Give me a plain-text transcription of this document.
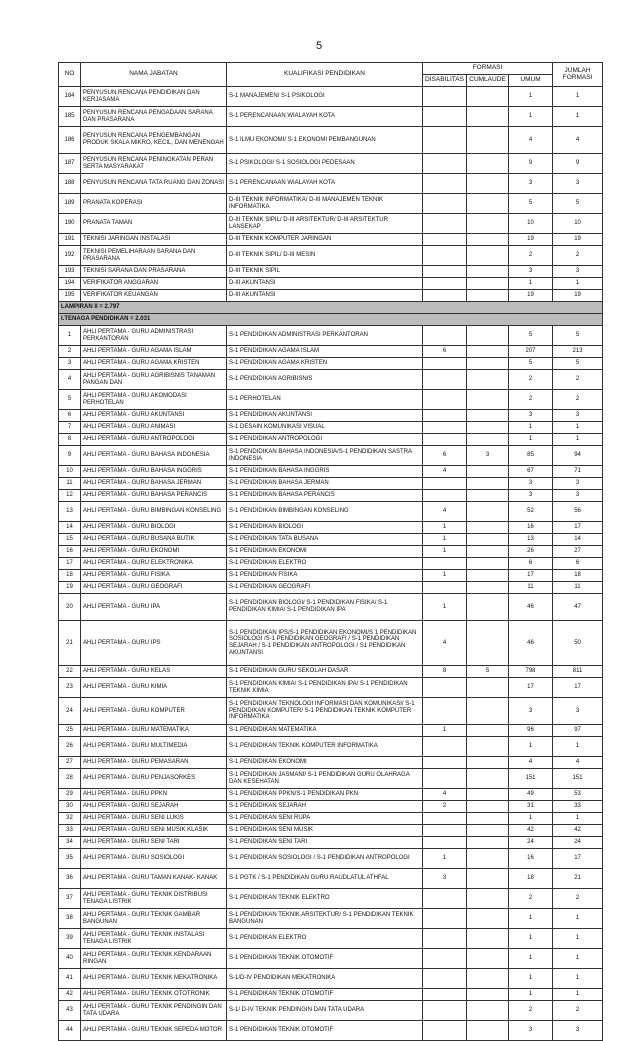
5
NO	NAMA JABATAN	KUALIFIKASI PENDIDIKAN	FORMASI			JUMLAH FORMASI
			DISABILITAS	CUMLAUDE	UMUM	
184	PENYUSUN RENCANA PENDIDIKAN DAN KERJASAMA	S-1 MANAJEMEN/ S-1 PSIKOLOGI			1	1
185	PENYUSUN RENCANA PENGADAAN SARANA DAN PRASARANA	S-1 PERENCANAAN WIALAYAH KOTA			1	1
186	PENYUSUN RENCANA PENGEMBANGAN PRODUK SKALA MIKRO, KECIL, DAN MENENGAH	S-1 ILMU EKONOMI/ S-1 EKONOMI PEMBANGUNAN			4	4
187	PENYUSUN RENCANA PENINGKATAN PERAN SERTA MASYARAKAT	S-1 PSIKOLOGI/ S-1 SOSIOLOGI PEDESAAN			9	9
188	PENYUSUN RENCANA TATA RUANG DAN ZONASI	S-1 PERENCANAAN WIALAYAH KOTA			3	3
189	PRANATA KOPERASI	D-III TEKNIK INFORMATIKA/ D-III MANAJEMEN TEKNIK INFORMATIKA			5	5
190	PRANATA TAMAN	D-III TEKNIK SIPIL/ D-III ARSITEKTUR/ D-III ARSITEKTUR LANSEKAP			10	10
191	TEKNISI JARINGAN INSTALASI	D-III TEKNIK KOMPUTER JARINGAN			19	19
192	TEKNISI PEMELIHARAAN SARANA DAN PRASARANA	D-III TEKNIK SIPIL/ D-III MESIN			2	2
193	TEKNISI SARANA DAN PRASARANA	D-III TEKNIK SIPIL			3	3
194	VERIFIKATOR ANGGARAN	D-III AKUNTANSI			1	1
195	VERIFIKATOR KEUANGAN	D-III AKUNTANSI			19	19
LAMPIRAN II = 2.797						
I.TENAGA PENDIDIKAN = 2.031						
1	AHLI PERTAMA - GURU ADMINISTRASI PERKANTORAN	S-1 PENDIDIKAN ADMINISTRASI PERKANTORAN			5	5
2	AHLI PERTAMA - GURU AGAMA ISLAM	S-1 PENDIDIKAN AGAMA ISLAM	6		207	213
3	AHLI PERTAMA - GURU AGAMA KRISTEN	S-1 PENDIDIKAN AGAMA KRISTEN			5	5
4	AHLI PERTAMA - GURU AGRIBISNIS TANAMAN PANGAN DAN	S-1 PENDIDIKAN AGRIBISNIS			2	2
5	AHLI PERTAMA - GURU AKOMODASI PERHOTELAN	S-1 PERHOTELAN			2	2
6	AHLI PERTAMA - GURU AKUNTANSI	S-1 PENDIDIKAN AKUNTANSI			3	3
7	AHLI PERTAMA - GURU ANIMASI	S-1 DESAIN KOMUNIKASI VISUAL			1	1
8	AHLI PERTAMA - GURU ANTROPOLOGI	S-1 PENDIDIKAN ANTROPOLOGI			1	1
9	AHLI PERTAMA - GURU BAHASA INDONESIA	S-1 PENDIDIKAN BAHASA INDONESIA/S-1 PENDIDIKAN SASTRA INDONESIA	6	3	85	94
10	AHLI PERTAMA - GURU BAHASA INGGRIS	S-1 PENDIDIKAN BAHASA INGGRIS	4		67	71
11	AHLI PERTAMA - GURU BAHASA JERMAN	S-1 PENDIDIKAN BAHASA JERMAN			3	3
12	AHLI PERTAMA - GURU BAHASA PERANCIS	S-1 PENDIDIKAN BAHASA PERANCIS			3	3
13	AHLI PERTAMA - GURU BIMBINGAN KONSELING	S-1 PENDIDIKAN BIMBINGAN KONSELING	4		52	56
14	AHLI PERTAMA - GURU BIOLOGI	S-1 PENDIDIKAN BIOLOGI	1		16	17
15	AHLI PERTAMA - GURU BUSANA BUTIK	S-1 PENDIDIKAN TATA BUSANA	1		13	14
16	AHLI PERTAMA - GURU EKONOMI	S-1 PENDIDIKAN EKONOMI	1		26	27
17	AHLI PERTAMA - GURU ELEKTRONIKA	S-1 PENDIDIKAN ELEKTRO			6	6
18	AHLI PERTAMA - GURU FISIKA	S-1 PENDIDIKAN FISIKA	1		17	18
19	AHLI PERTAMA - GURU GEOGRAFI	S-1 PENDIDIKAN GEOGRAFI			11	11
20	AHLI PERTAMA - GURU IPA	S-1 PENDIDIKAN BIOLOGI/ S-1 PENDIDIKAN FISIKA/ S-1 PENDIDIKAN KIMIA/ S-1 PENDIDIKAN IPA	1		46	47
21	AHLI PERTAMA - GURU IPS	S-1 PENDIDIKAN IPS/S-1 PENDIDIKAN EKONOMI/S 1 PENDIDIKAN SOSIOLOGI /S-1 PENDIDIKAN GEOGRAFI / S-1 PENDIDIKAN SEJARAH / S-1 PENDIDIKAN ANTROPOLOGI / S1 PENDIDIKAN AKUNTANSI	4		46	50
22	AHLI PERTAMA - GURU KELAS	S-1 PENDIDIKAN GURU SEKOLAH DASAR	8	5	798	811
23	AHLI PERTAMA - GURU KIMIA	S-1 PENDIDIKAN KIMIA/ S-1 PENDIDIKAN IPA/ S-1 PENDIDIKAN TEKNIK KIMIA			17	17
24	AHLI PERTAMA - GURU KOMPUTER	S-1 PENDIDIKAN TEKNOLOGI INFORMASI DAN KOMUNIKASI/ S-1 PENDIDIKAN KOMPUTER/ S-1 PENDIDIKAN TEKNIK KOMPUTER INFORMATIKA			3	3
25	AHLI PERTAMA - GURU MATEMATIKA	S-1 PENDIDIKAN MATEMATIKA	1		96	97
26	AHLI PERTAMA - GURU MULTIMEDIA	S-1 PENDIDIKAN TEKNIK KOMPUTER INFORMATIKA			1	1
27	AHLI PERTAMA - GURU PEMASARAN	S-1 PENDIDIKAN EKONOMI			4	4
28	AHLI PERTAMA - GURU PENJASORKES	S-1 PENDIDIKAN JASMANI/ S-1 PENDIDIKAN GURU OLAHRAGA DAN KESEHATAN			151	151
29	AHLI PERTAMA - GURU PPKN	S-1 PENDIDIKAN PPKN/S-1 PENDIDIKAN PKN	4		49	53
30	AHLI PERTAMA - GURU SEJARAH	S-1 PENDIDIKAN SEJARAH	2		31	33
32	AHLI PERTAMA - GURU SENI LUKIS	S-1 PENDIDIKAN SENI RUPA			1	1
33	AHLI PERTAMA - GURU SENI MUSIK KLASIK	S-1 PENDIDIKAN SENI MUSIK			42	42
34	AHLI PERTAMA - GURU SENI TARI	S-1 PENDIDIKAN SENI TARI			24	24
35	AHLI PERTAMA - GURU SOSIOLOGI	S-1 PENDIDIKAN SOSIOLOGI / S-1 PENDIDIKAN ANTROPOLOGI	1		16	17
36	AHLI PERTAMA - GURU TAMAN KANAK- KANAK	S-1 PGTK / S-1 PENDIDIKAN GURU RAUDLATUL ATHFAL	3		18	21
37	AHLI PERTAMA - GURU TEKNIK DISTRIBUSI TENAGA LISTRIK	S-1 PENDIDIKAN TEKNIK ELEKTRO			2	2
38	AHLI PERTAMA - GURU TEKNIK GAMBAR BANGUNAN	S-1 PENDIDIKAN TEKNIK ARSITEKTUR/ S-1 PENDIDIKAN TEKNIK BANGUNAN			1	1
39	AHLI PERTAMA - GURU TEKNIK INSTALASI TENAGA LISTRIK	S-1 PENDIDIKAN ELEKTRO			1	1
40	AHLI PERTAMA - GURU TEKNIK KENDARAAN RINGAN	S-1 PENDIDIKAN TEKNIK OTOMOTIF			1	1
41	AHLI PERTAMA - GURU TEKNIK MEKATRONIKA	S-1/D-IV PENDIDIKAN MEKATRONIKA			1	1
42	AHLI PERTAMA - GURU TEKNIK OTOTRONIK	S-1 PENDIDIKAN TEKNIK OTOMOTIF			1	1
43	AHLI PERTAMA - GURU TEKNIK PENDINGIN DAN TATA UDARA	S-1/ D-IV TEKNIK PENDINGIN DAN TATA UDARA			2	2
44	AHLI PERTAMA - GURU TEKNIK SEPEDA MOTOR	S-1 PENDIDIKAN TEKNIK OTOMOTIF			3	3
